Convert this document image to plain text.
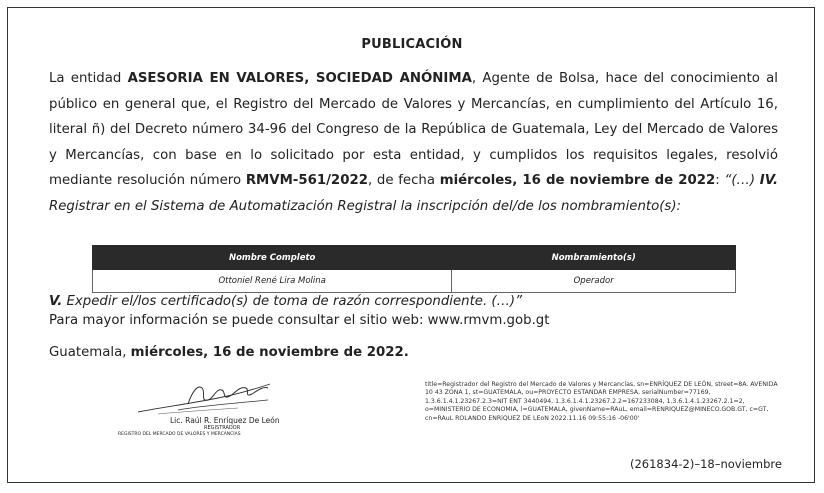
PUBLICACIÓN
La entidad ASESORIA EN VALORES, SOCIEDAD ANÓNIMA, Agente de Bolsa, hace del conocimiento al público en general que, el Registro del Mercado de Valores y Mercancías, en cumplimiento del Artículo 16, literal ñ) del Decreto número 34-96 del Congreso de la República de Guatemala, Ley del Mercado de Valores y Mercancías, con base en lo solicitado por esta entidad, y cumplidos los requisitos legales, resolvió mediante resolución número RMVM-561/2022, de fecha miércoles, 16 de noviembre de 2022: “(…) IV. Registrar en el Sistema de Automatización Registral la inscripción del/de los nombramiento(s):
Nombre Completo	Nombramiento(s)
Ottoniel René Lira Molina	Operador
V. Expedir el/los certificado(s) de toma de razón correspondiente. (…)”
Para mayor información se puede consultar el sitio web: www.rmvm.gob.gt
Guatemala, miércoles, 16 de noviembre de 2022.
Lic. Raúl R. Enríquez De León
REGISTRADOR
REGISTRO DEL MERCADO DE VALORES Y MERCANCÍAS
title=Registrador del Registro del Mercado de Valores y Mercancías, sn=ENRÍQUEZ DE LEÓN, street=8A. AVENIDA 10 43 ZONA 1, st=GUATEMALA, ou=PROYECTO ESTANDAR EMPRESA, serialNumber=77169, 1.3.6.1.4.1.23267.2.3=NIT ENT 3440494, 1.3.6.1.4.1.23267.2.2=167233084, 1.3.6.1.4.1.23267.2.1=2, o=MINISTERIO DE ECONOMIA, l=GUATEMALA, givenName=RAuL, email=RENRIQUEZ@MINECO.GOB.GT, c=GT, cn=RAuL ROLANDO ENRiQUEZ DE LEoN 2022.11.16 09:55:16 -06'00'
(261834-2)–18–noviembre
